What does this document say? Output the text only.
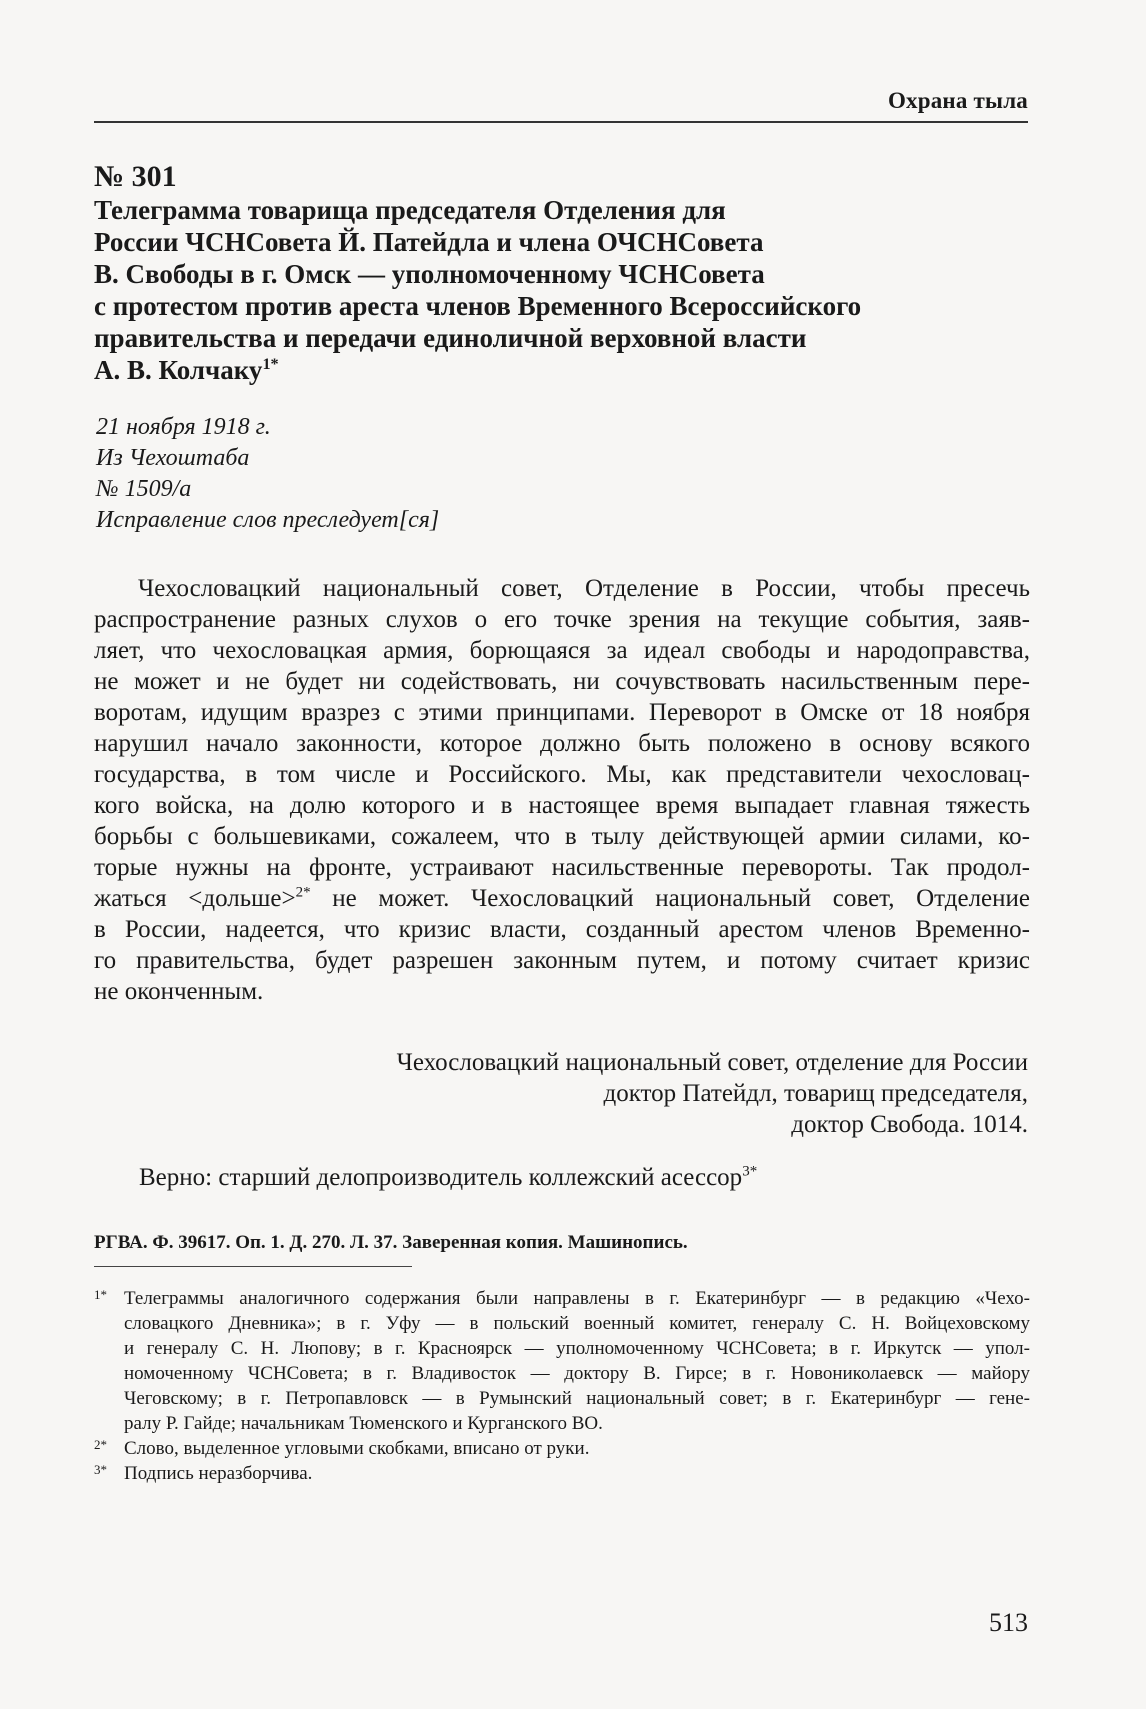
Охрана тыла
№ 301
Телеграмма товарища председателя Отделения для
России ЧСНСовета Й. Патейдла и члена ОЧСНСовета
В. Свободы в г. Омск — уполномоченному ЧСНСовета
с протестом против ареста членов Временного Всероссийского
правительства и передачи единоличной верховной власти
А. В. Колчаку$^{1*}$
21 ноября 1918 г.
Из Чехоштаба
№ 1509/а
Исправление слов преследует[ся]
Чехословацкий национальный совет, Отделение в России, чтобы пресечь
распространение разных слухов о его точке зрения на текущие события, заяв-
ляет, что чехословацкая армия, борющаяся за идеал свободы и народоправства,
не может и не будет ни содействовать, ни сочувствовать насильственным пере-
воротам, идущим вразрез с этими принципами. Переворот в Омске от 18 ноября
нарушил начало законности, которое должно быть положено в основу всякого
государства, в том числе и Российского. Мы, как представители чехословац-
кого войска, на долю которого и в настоящее время выпадает главная тяжесть
борьбы с большевиками, сожалеем, что в тылу действующей армии силами, ко-
торые нужны на фронте, устраивают насильственные перевороты. Так продол-
жаться <дольше>$^{2*}$ не может. Чехословацкий национальный совет, Отделение
в России, надеется, что кризис власти, созданный арестом членов Временно-
го правительства, будет разрешен законным путем, и потому считает кризис
не оконченным.
Чехословацкий национальный совет, отделение для России
доктор Патейдл, товарищ председателя,
доктор Свобода. 1014.
Верно: старший делопроизводитель коллежский асессор$^{3*}$
РГВА. Ф. 39617. Оп. 1. Д. 270. Л. 37. Заверенная копия. Машинопись.
1* Телеграммы аналогичного содержания были направлены в г. Екатеринбург — в редакцию «Чехо-
словацкого Дневника»; в г. Уфу — в польский военный комитет, генералу С. Н. Войцеховскому
и генералу С. Н. Люпову; в г. Красноярск — уполномоченному ЧСНСовета; в г. Иркутск — упол-
номоченному ЧСНСовета; в г. Владивосток — доктору В. Гирсе; в г. Новониколаевск — майору
Чеговскому; в г. Петропавловск — в Румынский национальный совет; в г. Екатеринбург — гене-
ралу Р. Гайде; начальникам Тюменского и Курганского ВО.
2* Слово, выделенное угловыми скобками, вписано от руки.
3* Подпись неразборчива.
513
